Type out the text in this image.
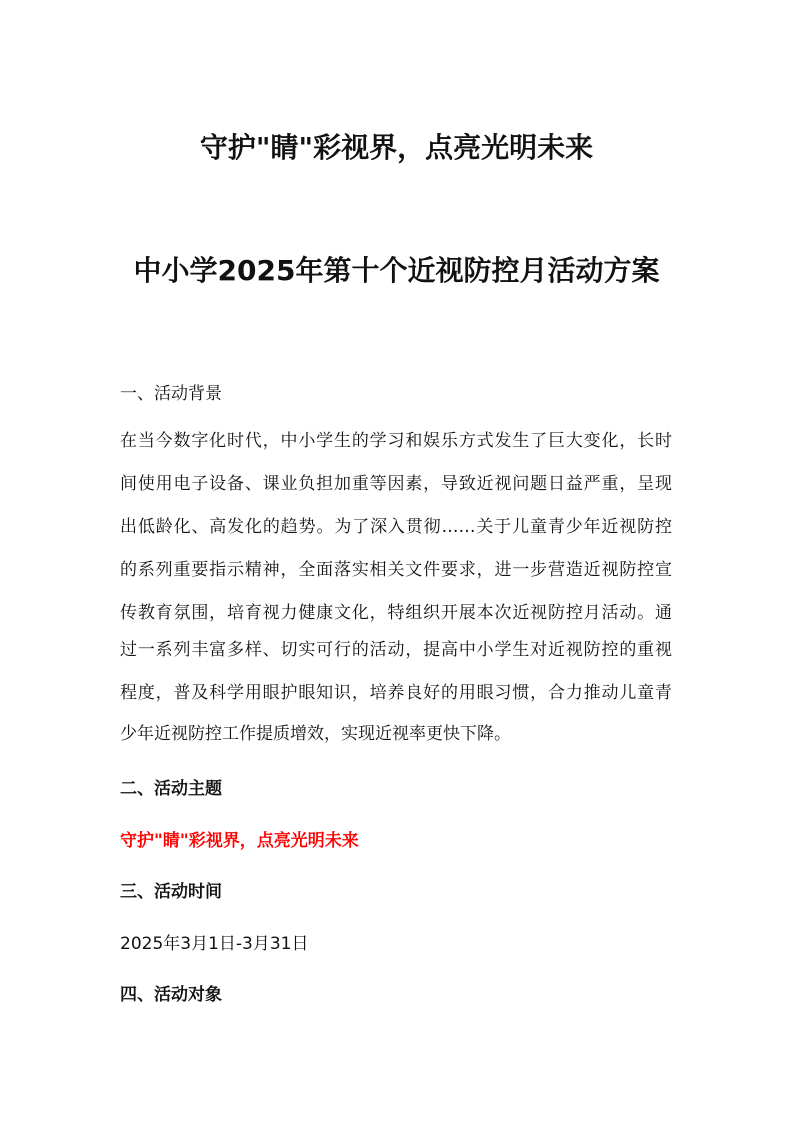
守护"睛"彩视界，点亮光明未来
中小学2025年第十个近视防控月活动方案
一、活动背景
在当今数字化时代，中小学生的学习和娱乐方式发生了巨大变化，长时
间使用电子设备、课业负担加重等因素，导致近视问题日益严重，呈现
出低龄化、高发化的趋势。为了深入贯彻……关于儿童青少年近视防控
的系列重要指示精神，全面落实相关文件要求，进一步营造近视防控宣
传教育氛围，培育视力健康文化，特组织开展本次近视防控月活动。通
过一系列丰富多样、切实可行的活动，提高中小学生对近视防控的重视
程度，普及科学用眼护眼知识，培养良好的用眼习惯，合力推动儿童青
少年近视防控工作提质增效，实现近视率更快下降。
二、活动主题
守护"睛"彩视界，点亮光明未来
三、活动时间
2025年3月1日-3月31日
四、活动对象
